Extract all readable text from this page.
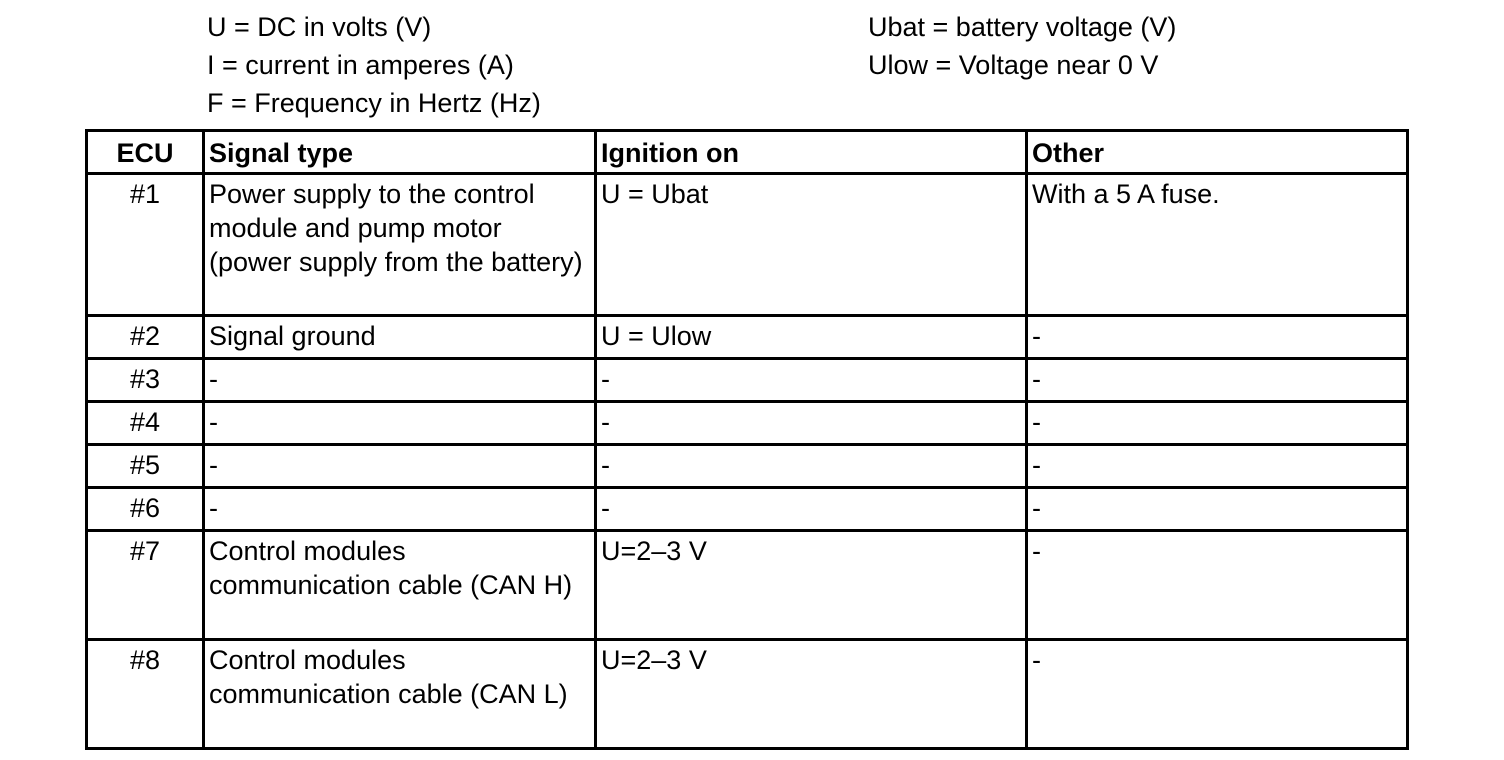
U = DC in volts (V)
I = current in amperes (A)
F = Frequency in Hertz (Hz)
Ubat = battery voltage (V)
Ulow = Voltage near 0 V
ECU	Signal type	Ignition on	Other
#1	Power supply to the control module and pump motor (power supply from the battery)	U = Ubat	With a 5 A fuse.
#2	Signal ground	U = Ulow	-
#3	-	-	-
#4	-	-	-
#5	-	-	-
#6	-	-	-
#7	Control modules communication cable (CAN H)	U=2–3 V	-
#8	Control modules communication cable (CAN L)	U=2–3 V	-
